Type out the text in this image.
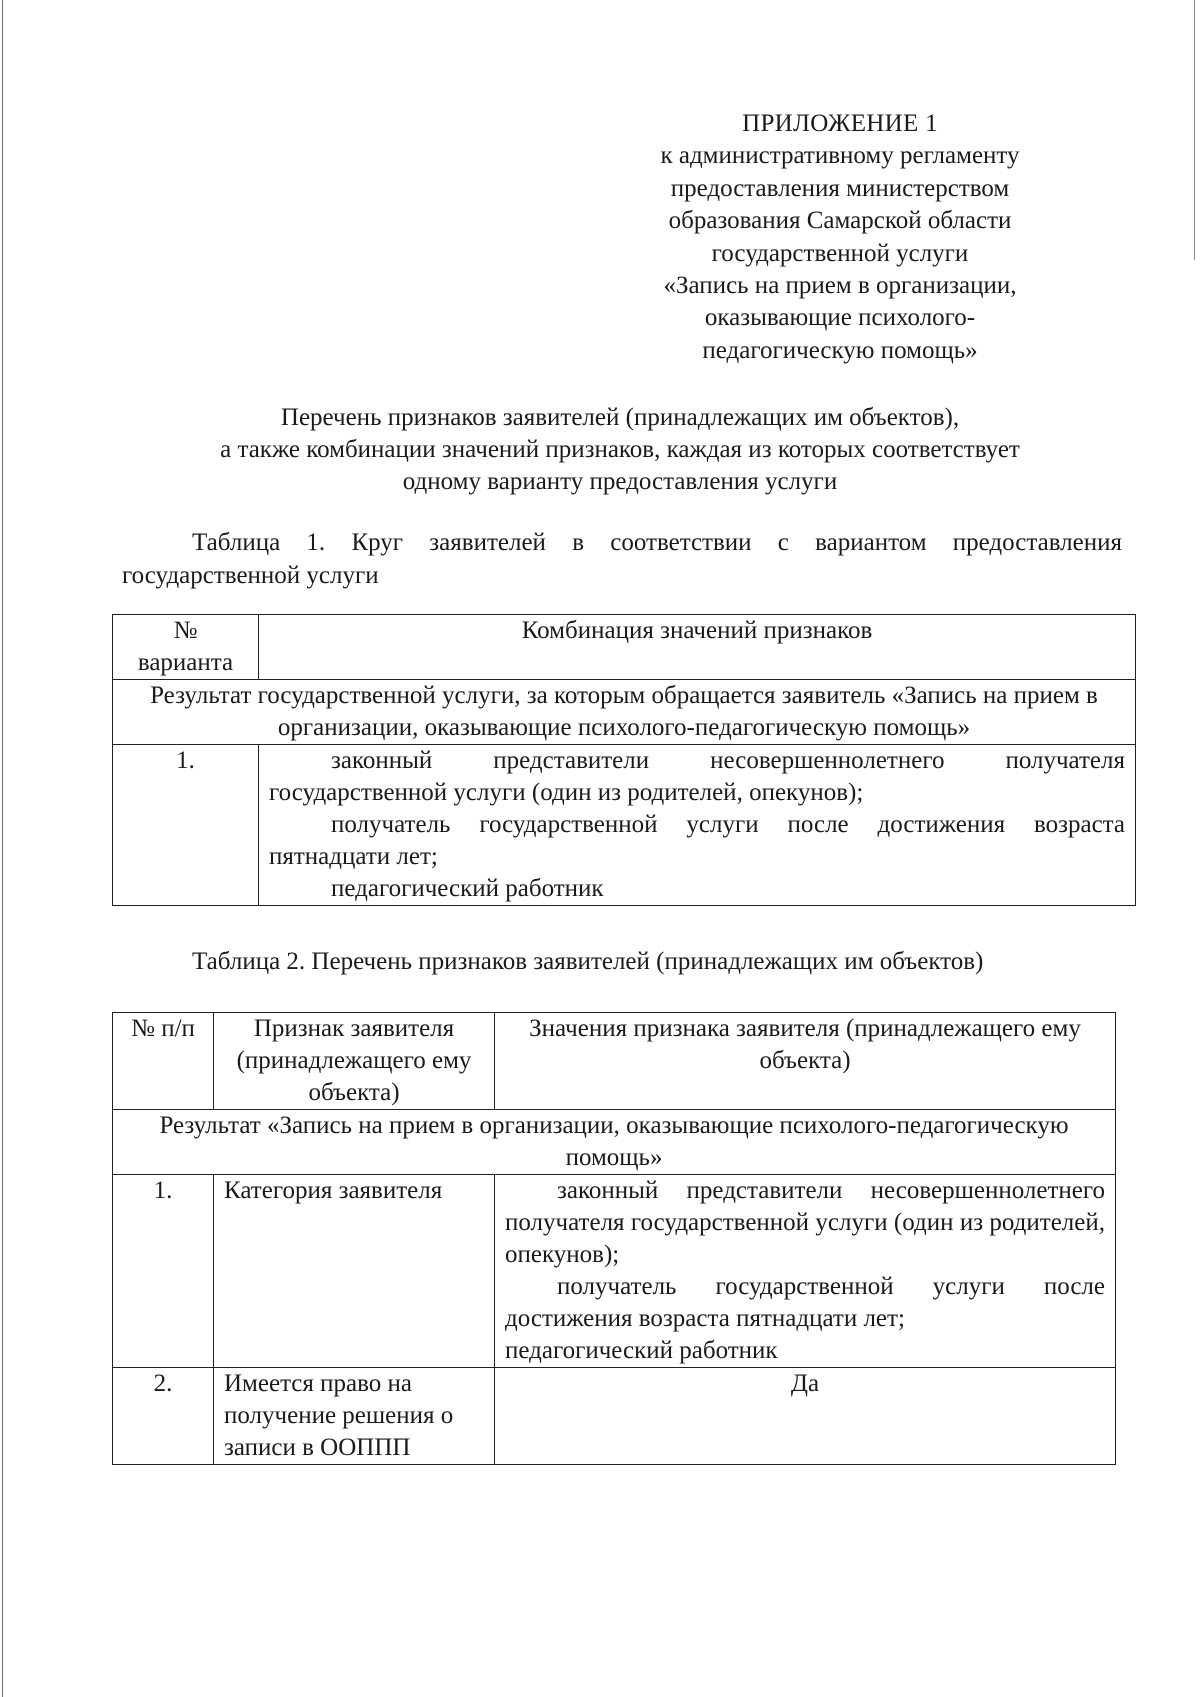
ПРИЛОЖЕНИЕ 1
к административному регламенту
предоставления министерством
образования Самарской области
государственной услуги
«Запись на прием в организации,
оказывающие психолого-
педагогическую помощь»
Перечень признаков заявителей (принадлежащих им объектов),
а также комбинации значений признаков, каждая из которых соответствует
одному варианту предоставления услуги
Таблица 1. Круг заявителей в соответствии с вариантом предоставления государственной услуги
№ варианта	Комбинация значений признаков
Результат государственной услуги, за которым обращается заявитель «Запись на прием в организации, оказывающие психолого-педагогическую помощь»	
1.	законный представители несовершеннолетнего получателя государственной услуги (один из родителей, опекунов);

получатель государственной услуги после достижения возраста пятнадцати лет;

педагогический работник

Таблица 2. Перечень признаков заявителей (принадлежащих им объектов)
№ п/п	Признак заявителя (принадлежащего ему объекта)	Значения признака заявителя (принадлежащего ему объекта)
Результат «Запись на прием в организации, оказывающие психолого-педагогическую помощь»		
1.	Категория заявителя	законный представители несовершеннолетнего получателя государственной услуги (один из родителей, опекунов);

получатель государственной услуги после достижения возраста пятнадцати лет;

педагогический работник

2.	Имеется право на получение решения о записи в ООППП	Да
